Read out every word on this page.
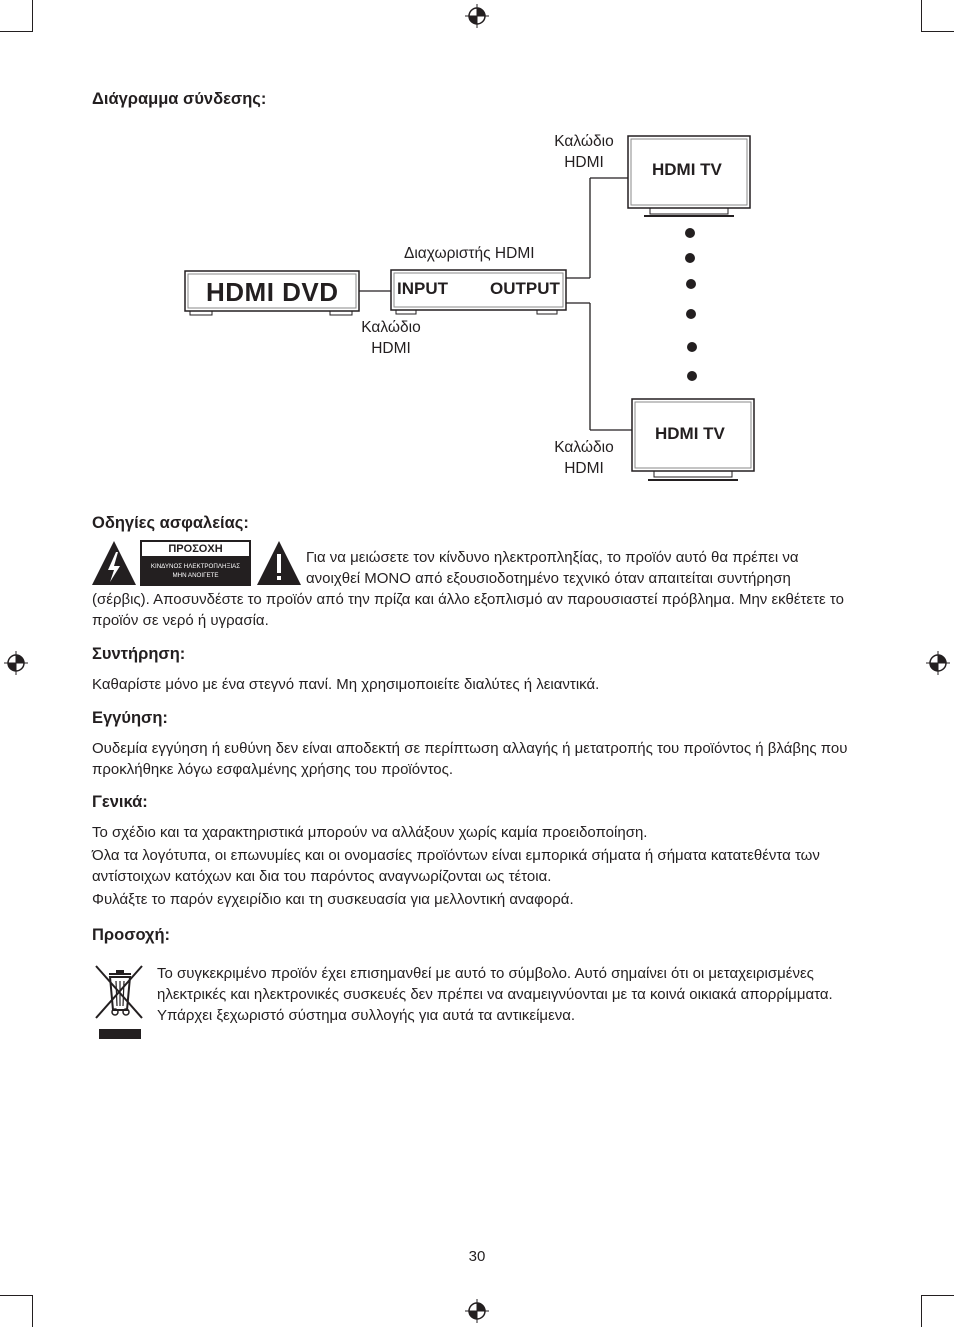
Διάγραμμα σύνδεσης:
HDMI DVD	INPUT OUTPUT
HDMI TV
HDMI TV
Καλώδιο
HDMI
Διαχωριστής HDMI
Καλώδιο
HDMI
Καλώδιο
HDMI
Οδηγίες ασφαλείας:
ΠΡΟΣΟΧΗ
ΚΙΝΔΥΝΟΣ ΗΛΕΚΤΡΟΠΛΗΞΙΑΣ
ΜΗΝ ΑΝΟΙΓΕΤΕ
Για να μειώσετε τον κίνδυνο ηλεκτροπληξίας, το προϊόν αυτό θα πρέπει να
ανοιχθεί ΜΟΝΟ από εξουσιοδοτημένο τεχνικό όταν απαιτείται συντήρηση

(σέρβις). Αποσυνδέστε το προϊόν από την πρίζα και άλλο εξοπλισμό αν παρουσιαστεί πρόβλημα. Μην εκθέτετε το προϊόν σε νερό ή υγρασία.

Συντήρηση:

Καθαρίστε μόνο με ένα στεγνό πανί. Μη χρησιμοποιείτε διαλύτες ή λειαντικά.

Εγγύηση:

Ουδεμία εγγύηση ή ευθύνη δεν είναι αποδεκτή σε περίπτωση αλλαγής ή μετατροπής του προϊόντος ή βλάβης που προκλήθηκε λόγω εσφαλμένης χρήσης του προϊόντος.

Γενικά:

Το σχέδιο και τα χαρακτηριστικά μπορούν να αλλάξουν χωρίς καμία προειδοποίηση.

Όλα τα λογότυπα, οι επωνυμίες και οι ονομασίες προϊόντων είναι εμπορικά σήματα ή σήματα κατατεθέντα των αντίστοιχων κατόχων και δια του παρόντος αναγνωρίζονται ως τέτοια.

Φυλάξτε το παρόν εγχειρίδιο και τη συσκευασία για μελλοντική αναφορά.

Προσοχή:

Το συγκεκριμένο προϊόν έχει επισημανθεί με αυτό το σύμβολο. Αυτό σημαίνει ότι οι μεταχειρισμένες ηλεκτρικές και ηλεκτρονικές συσκευές δεν πρέπει να αναμειγνύονται με τα κοινά οικιακά απορρίμματα. Υπάρχει ξεχωριστό σύστημα συλλογής για αυτά τα αντικείμενα.

30
